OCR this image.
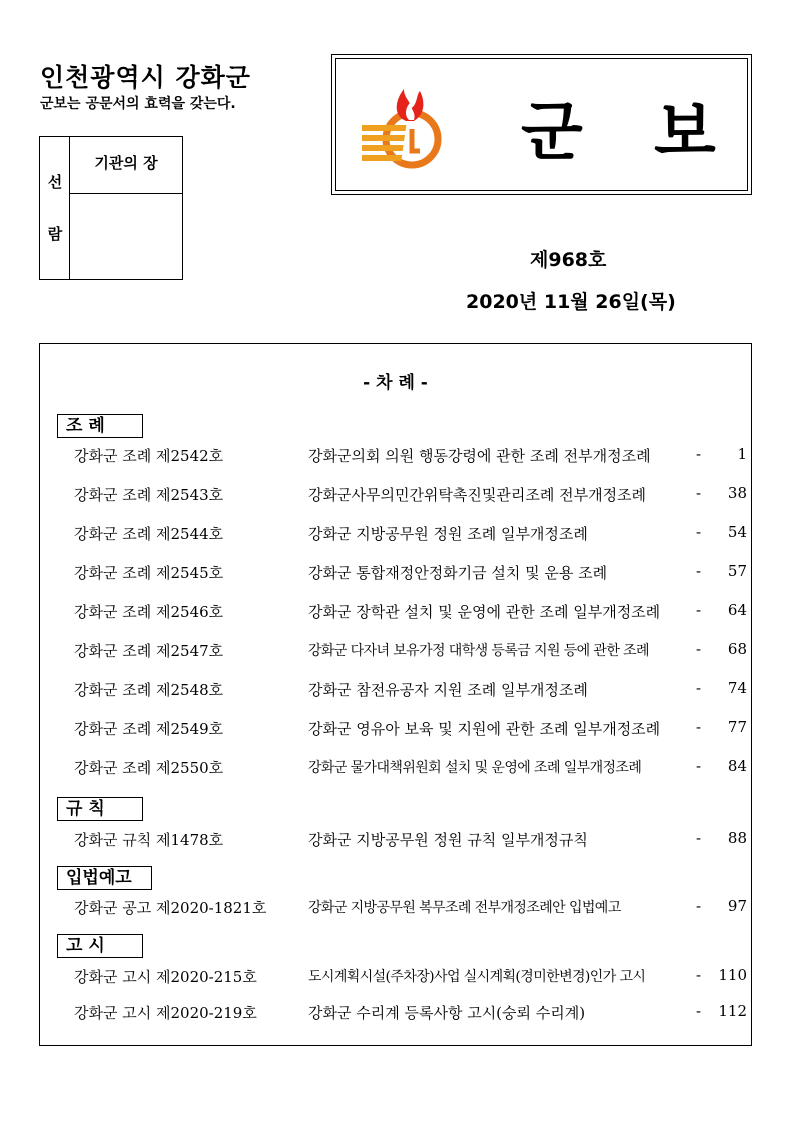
인천광역시 강화군
군보는 공문서의 효력을 갖는다.
선
람
기관의 장	군 보
제968호
2020년 11월 26일(목)
- 차 례 -
조 례
강화군 조례 제2542호	강화군의회 의원 행동강령에 관한 조례 전부개정조례	- 1
강화군 조례 제2543호	강화군사무의민간위탁촉진및관리조례 전부개정조례	- 38
강화군 조례 제2544호	강화군 지방공무원 정원 조례 일부개정조례	- 54
강화군 조례 제2545호	강화군 통합재정안정화기금 설치 및 운용 조례	- 57
강화군 조례 제2546호	강화군 장학관 설치 및 운영에 관한 조례 일부개정조례 - 64
강화군 조례 제2547호	강화군 다자녀 보유가정 대학생 등록금 지원 등에 관한 조례	- 68
강화군 조례 제2548호	강화군 참전유공자 지원 조례 일부개정조례	- 74
강화군 조례 제2549호	강화군 영유아 보육 및 지원에 관한 조례 일부개정조례 - 77
강화군 조례 제2550호	강화군 물가대책위원회 설치 및 운영에 조례 일부개정조례	- 84
규 칙
강화군 규칙 제1478호	강화군 지방공무원 정원 규칙 일부개정규칙	- 88
입법예고
강화군 공고 제2020-1821호	강화군 지방공무원 복무조례 전부개정조례안 입법예고	- 97
고 시
강화군 고시 제2020-215호	도시계획시설(주차장)사업 실시계획(경미한변경)인가 고시	- 110
강화군 고시 제2020-219호	강화군 수리계 등록사항 고시(숭뢰 수리계)	- 112
